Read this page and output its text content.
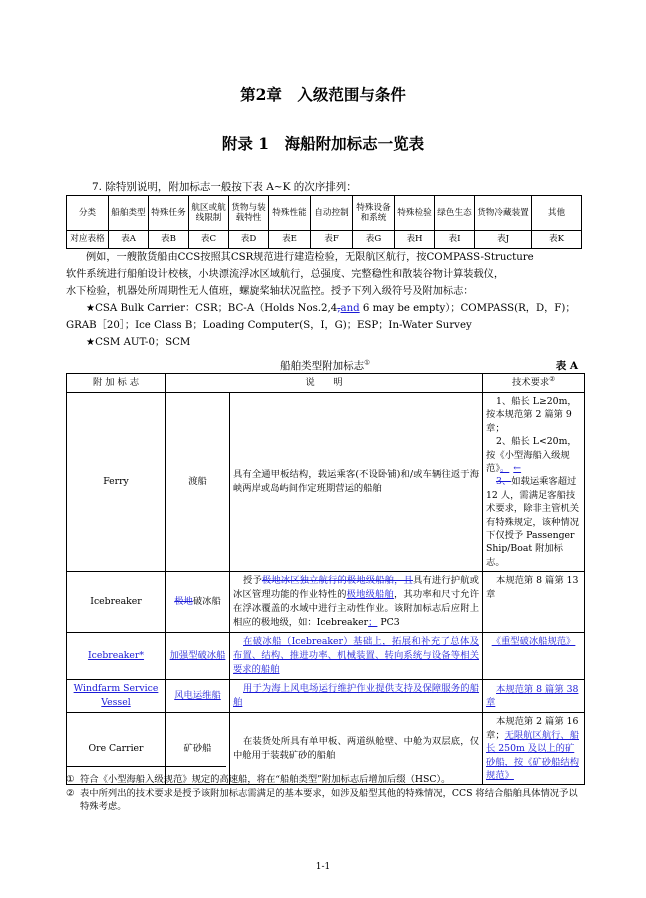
第2章　入级范围与条件
附录 1　海船附加标志一览表
7. 除特别说明，附加标志一般按下表 A~K 的次序排列：
分类	船舶类型	特殊任务	航区或航线限制	货物与装载特性	特殊性能	自动控制	特殊设备和系统	特殊检验	绿色生态	货物冷藏装置	其他
对应表格	表A	表B	表C	表D	表E	表F	表G	表H	表I	表J	表K
例如，一艘散货船由CCS按照其CSR规范进行建造检验，无限航区航行，按COMPASS-Structure
软件系统进行船舶设计校核，小块漂流浮冰区域航行，总强度、完整稳性和散装谷物计算装载仪，
水下检验，机器处所周期性无人值班，螺旋桨轴状况监控。授予下列入级符号及附加标志：
★CSA Bulk Carrier：CSR；BC-A（Holds Nos.2,4,and 6 may be empty）；COMPASS(R，D，F)；
GRAB［20］；Ice Class B；Loading Computer(S，I，G)；ESP；In-Water Survey
★CSM AUT-0；SCM
船舶类型附加标志①	表 A
附 加 标 志	说　　明		技术要求②
Ferry	渡船	具有全通甲板结构，载运乘客(不设卧铺)和/或车辆往返于海峡两岸或岛屿间作定班期营运的船舶	1、船长 L≥20m，按本规范第 2 篇第 9 章；
2、船长 L<20m，按《小型海船入级规范》。 ←
3、如载运乘客超过 12 人，需满足客船技术要求，除非主管机关有特殊规定，该种情况下仅授予 Passenger Ship/Boat 附加标志。

Icebreaker	极地破冰船	授予极地冰区独立航行的极地级船舶，且具有进行护航或冰区管理功能的作业特性的极地级船舶，其功率和尺寸允许在浮冰覆盖的水域中进行主动性作业。该附加标志后应附上相应的极地级，如：Icebreaker； PC3	本规范第 8 篇第 13 章
Icebreaker*	加强型破冰船	在破冰船（Icebreaker）基础上，拓展和补充了总体及布置、结构、推进功率、机械装置、转向系统与设备等相关要求的船舶	《重型破冰船规范》
Windfarm Service Vessel	风电运维船	用于为海上风电场运行维护作业提供支持及保障服务的船舶	本规范第 8 篇第 38 章
Ore Carrier	矿砂船	在装货处所具有单甲板、两道纵舱壁、中舱为双层底，仅中舱用于装载矿砂的船舶	本规范第 2 篇第 16 章；无限航区航行、船长 250m 及以上的矿砂船，按《矿砂船结构规范》
① 符合《小型海船入级规范》规定的高速船，将在“船舶类型”附加标志后增加后缀（HSC）。
② 表中所列出的技术要求是授予该附加标志需满足的基本要求，如涉及船型其他的特殊情况，CCS 将结合船舶具体情况予以特殊考虑。
1-1
